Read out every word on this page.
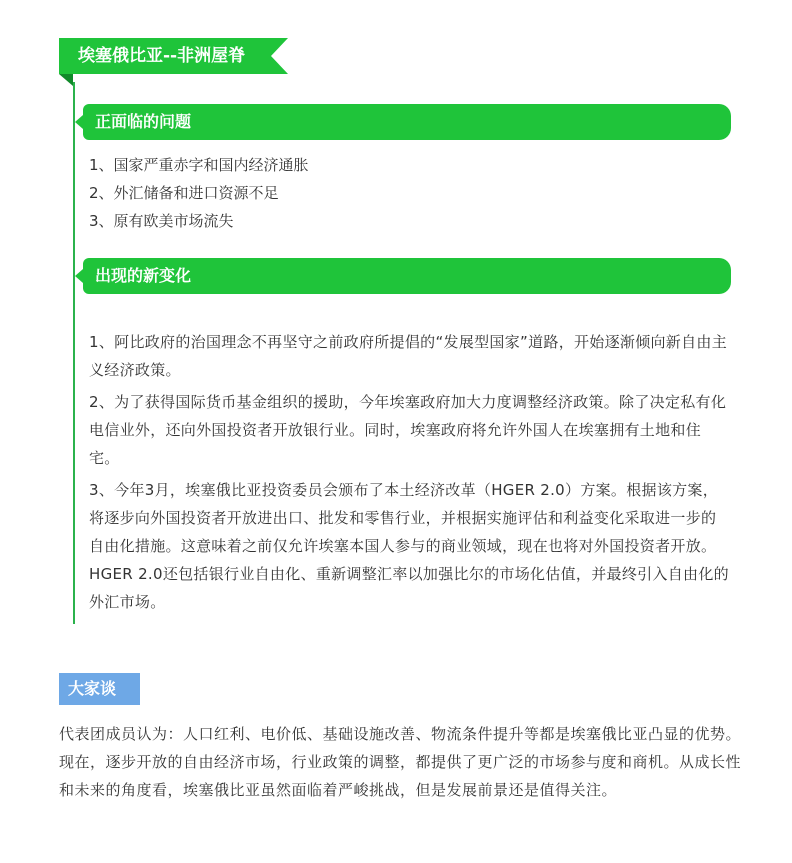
埃塞俄比亚--非洲屋脊
正面临的问题
1、国家严重赤字和国内经济通胀
2、外汇储备和进口资源不足
3、原有欧美市场流失
出现的新变化

1、阿比政府的治国理念不再坚守之前政府所提倡的“发展型国家”道路，开始逐渐倾向新自由主义经济政策。

2、为了获得国际货币基金组织的援助，今年埃塞政府加大力度调整经济政策。除了决定私有化电信业外，还向外国投资者开放银行业。同时，埃塞政府将允许外国人在埃塞拥有土地和住宅。

3、今年3月，埃塞俄比亚投资委员会颁布了本土经济改革（HGER 2.0）方案。根据该方案，将逐步向外国投资者开放进出口、批发和零售行业，并根据实施评估和利益变化采取进一步的自由化措施。这意味着之前仅允许埃塞本国人参与的商业领域，现在也将对外国投资者开放。HGER 2.0还包括银行业自由化、重新调整汇率以加强比尔的市场化估值，并最终引入自由化的外汇市场。

大家谈

代表团成员认为：人口红利、电价低、基础设施改善、物流条件提升等都是埃塞俄比亚凸显的优势。现在，逐步开放的自由经济市场，行业政策的调整，都提供了更广泛的市场参与度和商机。从成长性和未来的角度看，埃塞俄比亚虽然面临着严峻挑战，但是发展前景还是值得关注。
